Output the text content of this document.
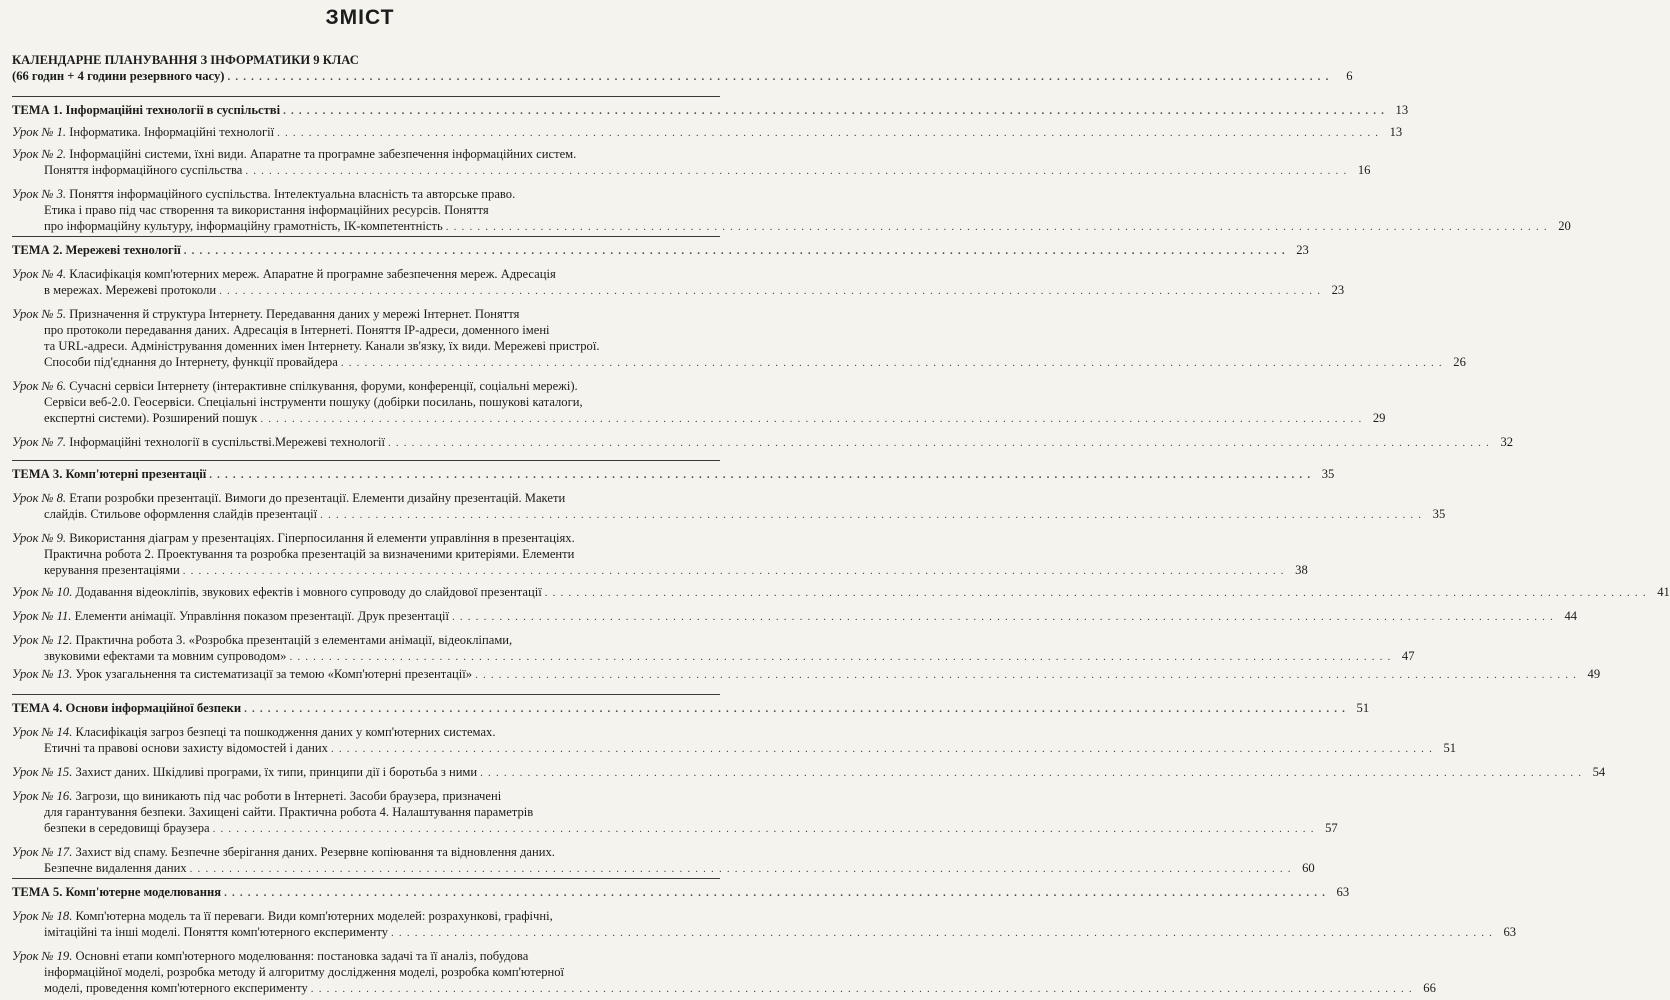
ЗМІСТ
КАЛЕНДАРНЕ ПЛАНУВАННЯ З ІНФОРМАТИКИ 9 КЛАС
(66 годин + 4 години резервного часу) . . .	6
ТЕМА 1. Інформаційні технології в суспільстві . . .	13
Урок № 1. Інформатика. Інформаційні технології . . .	13
Урок № 2. Інформаційні системи, їхні види. Апаратне та програмне забезпечення інформаційних систем.
Поняття інформаційного суспільства . . .	16
Урок № 3. Поняття інформаційного суспільства. Інтелектуальна власність та авторське право.
Етика і право під час створення та використання інформаційних ресурсів. Поняття
про інформаційну культуру, інформаційну грамотність, ІК-компетентність . . .	20
ТЕМА 2. Мережеві технології . . .	23
Урок № 4. Класифікація комп'ютерних мереж. Апаратне й програмне забезпечення мереж. Адресація
в мережах. Мережеві протоколи . . .	23
Урок № 5. Призначення й структура Інтернету. Передавання даних у мережі Інтернет. Поняття
про протоколи передавання даних. Адресація в Інтернеті. Поняття IP-адреси, доменного імені
та URL-адреси. Адміністрування доменних імен Інтернету. Канали зв'язку, їх види. Мережеві пристрої.
Способи під'єднання до Інтернету, функції провайдера . . .	26
Урок № 6. Сучасні сервіси Інтернету (інтерактивне спілкування, форуми, конференції, соціальні мережі).
Сервіси веб-2.0. Геосервіси. Спеціальні інструменти пошуку (добірки посилань, пошукові каталоги,
експертні системи). Розширений пошук . . .	29
Урок № 7. Інформаційні технології в суспільстві.Мережеві технології . . .	32
ТЕМА 3. Комп'ютерні презентації . . .	35
Урок № 8. Етапи розробки презентації. Вимоги до презентації. Елементи дизайну презентацій. Макети
слайдів. Стильове оформлення слайдів презентації . . .	35
Урок № 9. Використання діаграм у презентаціях. Гіперпосилання й елементи управління в презентаціях.
Практична робота 2. Проектування та розробка презентацій за визначеними критеріями. Елементи
керування презентаціями . . .	38
Урок № 10. Додавання відеокліпів, звукових ефектів і мовного супроводу до слайдової презентації . . .	41
Урок № 11. Елементи анімації. Управління показом презентації. Друк презентації . . .	44
Урок № 12. Практична робота 3. «Розробка презентацій з елементами анімації, відеокліпами,
звуковими ефектами та мовним супроводом» . . .	47
Урок № 13. Урок узагальнення та систематизації за темою «Комп'ютерні презентації» . . .	49
ТЕМА 4. Основи інформаційної безпеки . . .	51
Урок № 14. Класифікація загроз безпеці та пошкодження даних у комп'ютерних системах.
Етичні та правові основи захисту відомостей і даних . . .	51
Урок № 15. Захист даних. Шкідливі програми, їх типи, принципи дії і боротьба з ними . . .	54
Урок № 16. Загрози, що виникають під час роботи в Інтернеті. Засоби браузера, призначені
для гарантування безпеки. Захищені сайти. Практична робота 4. Налаштування параметрів
безпеки в середовищі браузера . . .	57
Урок № 17. Захист від спаму. Безпечне зберігання даних. Резервне копіювання та відновлення даних.
Безпечне видалення даних . . .	60
ТЕМА 5. Комп'ютерне моделювання . . .	63
Урок № 18. Комп'ютерна модель та її переваги. Види комп'ютерних моделей: розрахункові, графічні,
імітаційні та інші моделі. Поняття комп'ютерного експерименту . . .	63
Урок № 19. Основні етапи комп'ютерного моделювання: постановка задачі та її аналіз, побудова
інформаційної моделі, розробка методу й алгоритму дослідження моделі, розробка комп'ютерної
моделі, проведення комп'ютерного експерименту . . .	66
